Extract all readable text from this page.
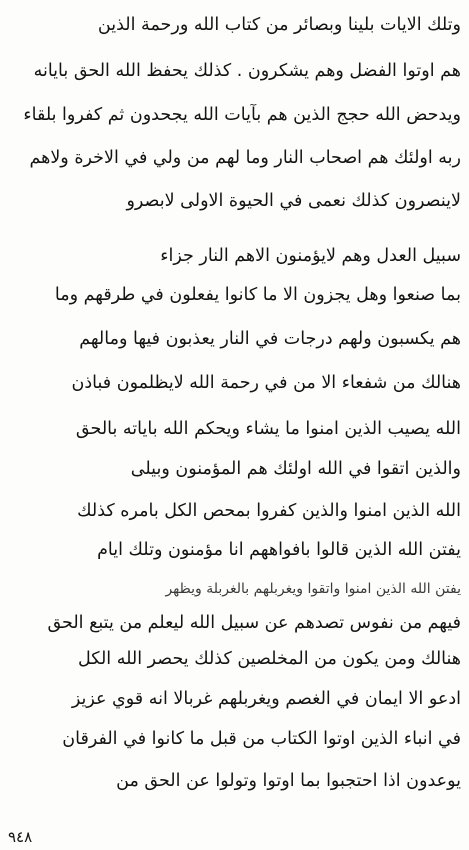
وتلك الايات بلينا وبصائر من كتاب الله ورحمة الذين
هم اوتوا الفضل وهم يشكرون . كذلك يحفظ الله الحق بايانه
ويدحض الله حجج الذين هم بآيات الله يجحدون ثم كفروا بلقاء
ربه اولئك هم اصحاب النار وما لهم من ولي في الاخرة ولاهم
لاينصرون كذلك نعمى في الحيوة الاولى لابصرو
سبيل العدل وهم لايؤمنون الاهم النار جزاء
بما صنعوا وهل يجزون الا ما كانوا يفعلون في طرقهم وما
هم يكسبون ولهم درجات في النار يعذبون فيها ومالهم
هنالك من شفعاء الا من في رحمة الله لايظلمون فباذن
الله يصيب الذين امنوا ما يشاء ويحكم الله باياته بالحق
والذين اتقوا في الله اولئك هم المؤمنون وبيلى
الله الذين امنوا والذين كفروا بمحص الكل بامره كذلك
يفتن الله الذين قالوا بافواههم انا مؤمنون وتلك ايام
يفتن الله الذين امنوا واتقوا ويغربلهم بالغربلة ويظهر
فيهم من نفوس تصدهم عن سبيل الله ليعلم من يتبع الحق
هنالك ومن يكون من المخلصين كذلك يحصر الله الكل
ادعو الا ايمان في الغصم ويغربلهم غربالا انه قوي عزيز
في انباء الذين اوتوا الكتاب من قبل ما كانوا في الفرقان
يوعدون اذا احتجبوا بما اوتوا وتولوا عن الحق من
٩٤٨
